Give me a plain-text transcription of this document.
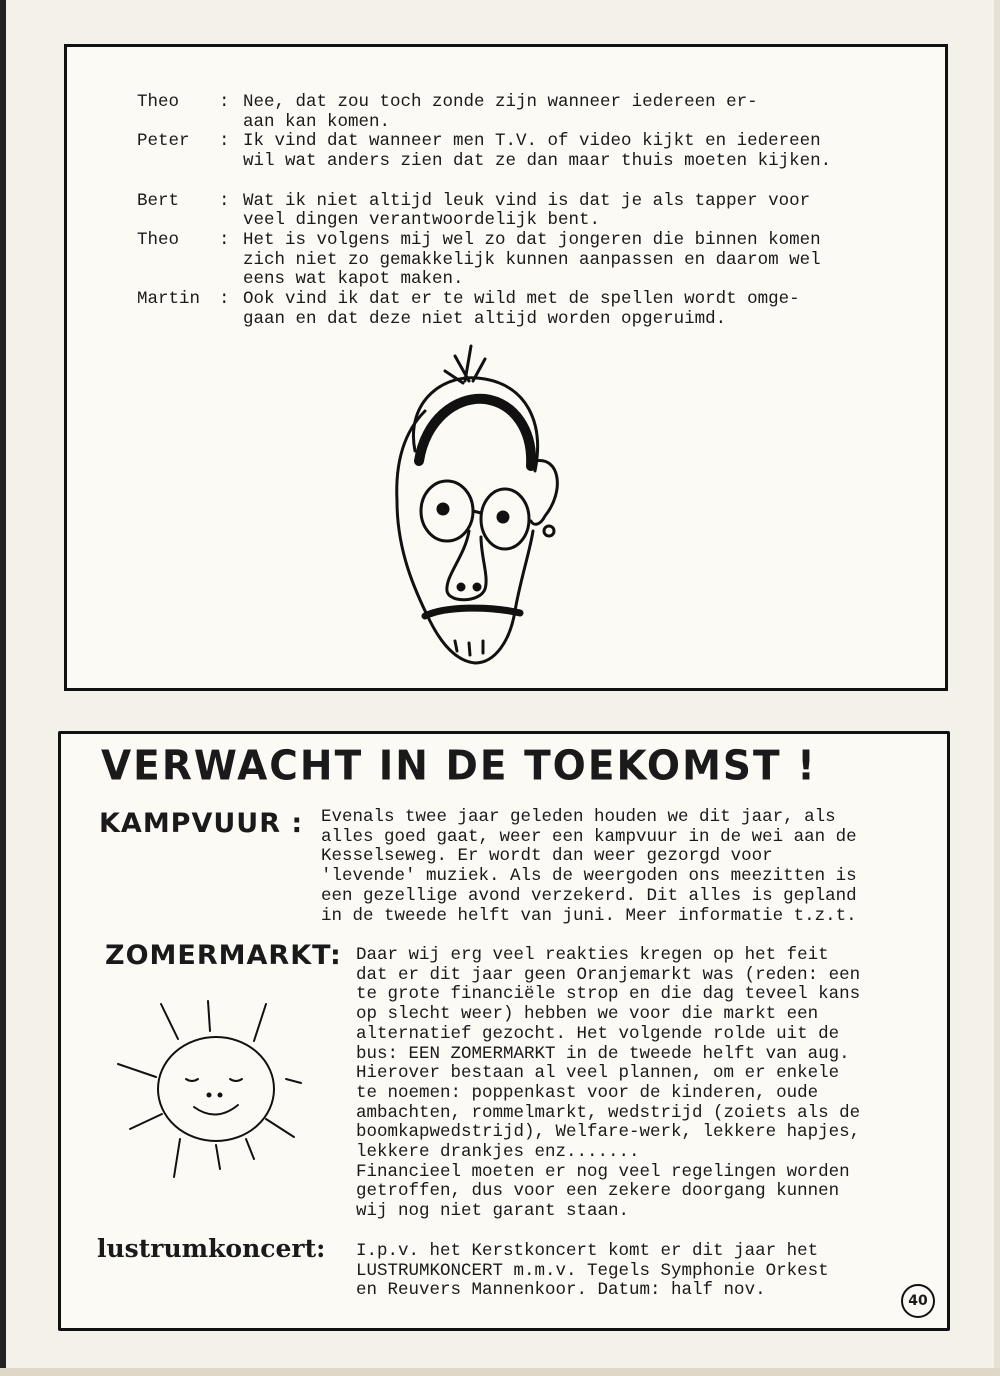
Theo	: Nee, dat zou toch zonde zijn wanneer iedereen er-
aan kan komen.
Peter	: Ik vind dat wanneer men T.V. of video kijkt en iedereen
wil wat anders zien dat ze dan maar thuis moeten kijken.
Bert	: Wat ik niet altijd leuk vind is dat je als tapper voor
veel dingen verantwoordelijk bent.
Theo	: Het is volgens mij wel zo dat jongeren die binnen komen
zich niet zo gemakkelijk kunnen aanpassen en daarom wel
eens wat kapot maken.
Martin	: Ook vind ik dat er te wild met de spellen wordt omge-
gaan en dat deze niet altijd worden opgeruimd.
VERWACHT IN DE TOEKOMST !
KAMPVUUR : Evenals twee jaar geleden houden we dit jaar, als
alles goed gaat, weer een kampvuur in de wei aan de
Kesselseweg. Er wordt dan weer gezorgd voor
'levende' muziek. Als de weergoden ons meezitten is
een gezellige avond verzekerd. Dit alles is gepland
in de tweede helft van juni. Meer informatie t.z.t.
ZOMERMARKT: Daar wij erg veel reakties kregen op het feit
dat er dit jaar geen Oranjemarkt was (reden: een
te grote financiële strop en die dag teveel kans
op slecht weer) hebben we voor die markt een
alternatief gezocht. Het volgende rolde uit de
bus: EEN ZOMERMARKT in de tweede helft van aug.
Hierover bestaan al veel plannen, om er enkele
te noemen: poppenkast voor de kinderen, oude
ambachten, rommelmarkt, wedstrijd (zoiets als de
boomkapwedstrijd), Welfare-werk, lekkere hapjes,
lekkere drankjes enz.......
Financieel moeten er nog veel regelingen worden
getroffen, dus voor een zekere doorgang kunnen
wij nog niet garant staan.
lustrumkoncert: I.p.v. het Kerstkoncert komt er dit jaar het
LUSTRUMKONCERT m.m.v. Tegels Symphonie Orkest
en Reuvers Mannenkoor. Datum: half nov.
40
